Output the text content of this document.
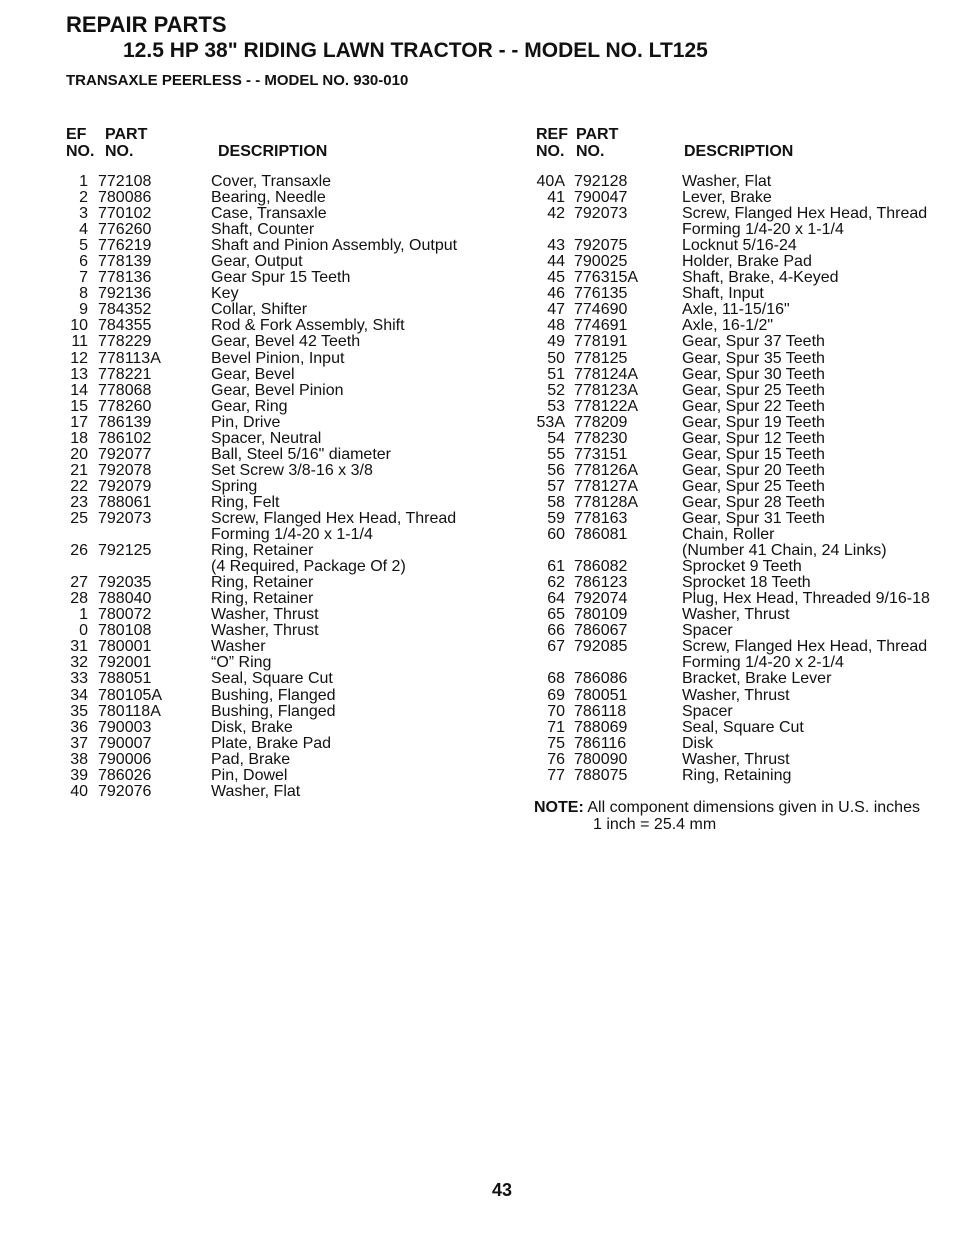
REPAIR PARTS
12.5 HP 38" RIDING LAWN TRACTOR - - MODEL NO. LT125
TRANSAXLE PEERLESS - - MODEL NO. 930-010
EF
NO.
PART
NO.	DESCRIPTION
REF
NO.
PART
NO.	DESCRIPTION
1 772108	Cover, Transaxle
2 780086	Bearing, Needle
3 770102	Case, Transaxle
4 776260	Shaft, Counter
5 776219	Shaft and Pinion Assembly, Output
6 778139	Gear, Output
7 778136	Gear Spur 15 Teeth
8 792136	Key
9 784352	Collar, Shifter
10 784355	Rod & Fork Assembly, Shift
11 778229	Gear, Bevel 42 Teeth
12 778113A	Bevel Pinion, Input
13 778221	Gear, Bevel
14 778068	Gear, Bevel Pinion
15 778260	Gear, Ring
17 786139	Pin, Drive
18 786102	Spacer, Neutral
20 792077	Ball, Steel 5/16" diameter
21 792078	Set Screw 3/8-16 x 3/8
22 792079	Spring
23 788061	Ring, Felt
25 792073	Screw, Flanged Hex Head, Thread
Forming 1/4-20 x 1-1/4
26 792125	Ring, Retainer
(4 Required, Package Of 2)
27 792035	Ring, Retainer
28 788040	Ring, Retainer
1 780072	Washer, Thrust
0 780108	Washer, Thrust
31 780001	Washer
32 792001	“O” Ring
33 788051	Seal, Square Cut
34 780105A	Bushing, Flanged
35 780118A	Bushing, Flanged
36 790003	Disk, Brake
37 790007	Plate, Brake Pad
38 790006	Pad, Brake
39 786026	Pin, Dowel
40 792076	Washer, Flat
40A 792128	Washer, Flat
41 790047	Lever, Brake
42 792073	Screw, Flanged Hex Head, Thread
Forming 1/4-20 x 1-1/4
43 792075	Locknut 5/16-24
44 790025	Holder, Brake Pad
45 776315A	Shaft, Brake, 4-Keyed
46 776135	Shaft, Input
47 774690	Axle, 11-15/16"
48 774691	Axle, 16-1/2"
49 778191	Gear, Spur 37 Teeth
50 778125	Gear, Spur 35 Teeth
51 778124A	Gear, Spur 30 Teeth
52 778123A	Gear, Spur 25 Teeth
53 778122A	Gear, Spur 22 Teeth
53A 778209	Gear, Spur 19 Teeth
54 778230	Gear, Spur 12 Teeth
55 773151	Gear, Spur 15 Teeth
56 778126A	Gear, Spur 20 Teeth
57 778127A	Gear, Spur 25 Teeth
58 778128A	Gear, Spur 28 Teeth
59 778163	Gear, Spur 31 Teeth
60 786081	Chain, Roller
(Number 41 Chain, 24 Links)
61 786082	Sprocket 9 Teeth
62 786123	Sprocket 18 Teeth
64 792074	Plug, Hex Head, Threaded 9/16-18
65 780109	Washer, Thrust
66 786067	Spacer
67 792085	Screw, Flanged Hex Head, Thread
Forming 1/4-20 x 2-1/4
68 786086	Bracket, Brake Lever
69 780051	Washer, Thrust
70 786118	Spacer
71 788069	Seal, Square Cut
75 786116	Disk
76 780090	Washer, Thrust
77 788075	Ring, Retaining
NOTE: All component dimensions given in U.S. inches
1 inch = 25.4 mm
43
